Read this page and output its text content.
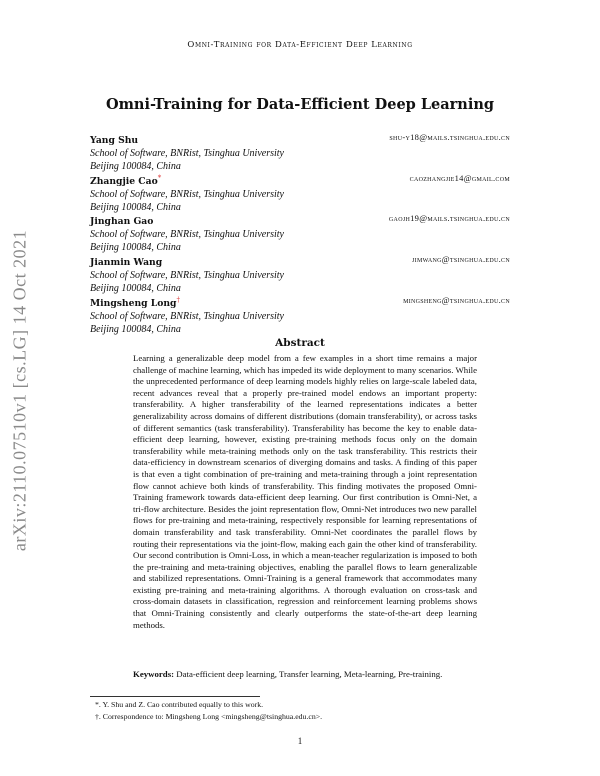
Omni-Training for Data-Efficient Deep Learning
arXiv:2110.07510v1 [cs.LG] 14 Oct 2021
Omni-Training for Data-Efficient Deep Learning
Yang Shu	shu-y18@mails.tsinghua.edu.cn
School of Software, BNRist, Tsinghua University
Beijing 100084, China
Zhangjie Cao*	caozhangjie14@gmail.com
School of Software, BNRist, Tsinghua University
Beijing 100084, China
Jinghan Gao	gaojh19@mails.tsinghua.edu.cn
School of Software, BNRist, Tsinghua University
Beijing 100084, China
Jianmin Wang	jimwang@tsinghua.edu.cn
School of Software, BNRist, Tsinghua University
Beijing 100084, China
Mingsheng Long†	mingsheng@tsinghua.edu.cn
School of Software, BNRist, Tsinghua University
Beijing 100084, China
Abstract
Learning a generalizable deep model from a few examples in a short time remains a major challenge of machine learning, which has impeded its wide deployment to many scenarios. While the unprecedented performance of deep learning models highly relies on large-scale labeled data, recent advances reveal that a properly pre-trained model endows an important property: transferability. A higher transferability of the learned representations indicates a better generalizability across domains of different distributions (domain transferability), or across tasks of different semantics (task transferability). Transferability has become the key to enable data-efficient deep learning, however, existing pre-training methods focus only on the domain transferability while meta-training methods only on the task transferability. This restricts their data-efficiency in downstream scenarios of diverging domains and tasks. A finding of this paper is that even a tight combination of pre-training and meta-training through a joint representation flow cannot achieve both kinds of transferability. This finding motivates the proposed Omni-Training framework towards data-efficient deep learning. Our first contribution is Omni-Net, a tri-flow architecture. Besides the joint representation flow, Omni-Net introduces two new parallel flows for pre-training and meta-training, respectively responsible for learning representations of domain transferability and task transferability. Omni-Net coordinates the parallel flows by routing their representations via the joint-flow, making each gain the other kind of transferability. Our second contribution is Omni-Loss, in which a mean-teacher regularization is imposed to both the pre-training and meta-training objectives, enabling the parallel flows to learn generalizable and stabilized representations. Omni-Training is a general framework that accommodates many existing pre-training and meta-training algorithms. A thorough evaluation on cross-task and cross-domain datasets in classification, regression and reinforcement learning problems shows that Omni-Training consistently and clearly outperforms the state-of-the-art deep learning methods.
Keywords: Data-efficient deep learning, Transfer learning, Meta-learning, Pre-training.
*. Y. Shu and Z. Cao contributed equally to this work.
†. Correspondence to: Mingsheng Long <mingsheng@tsinghua.edu.cn>.
1
